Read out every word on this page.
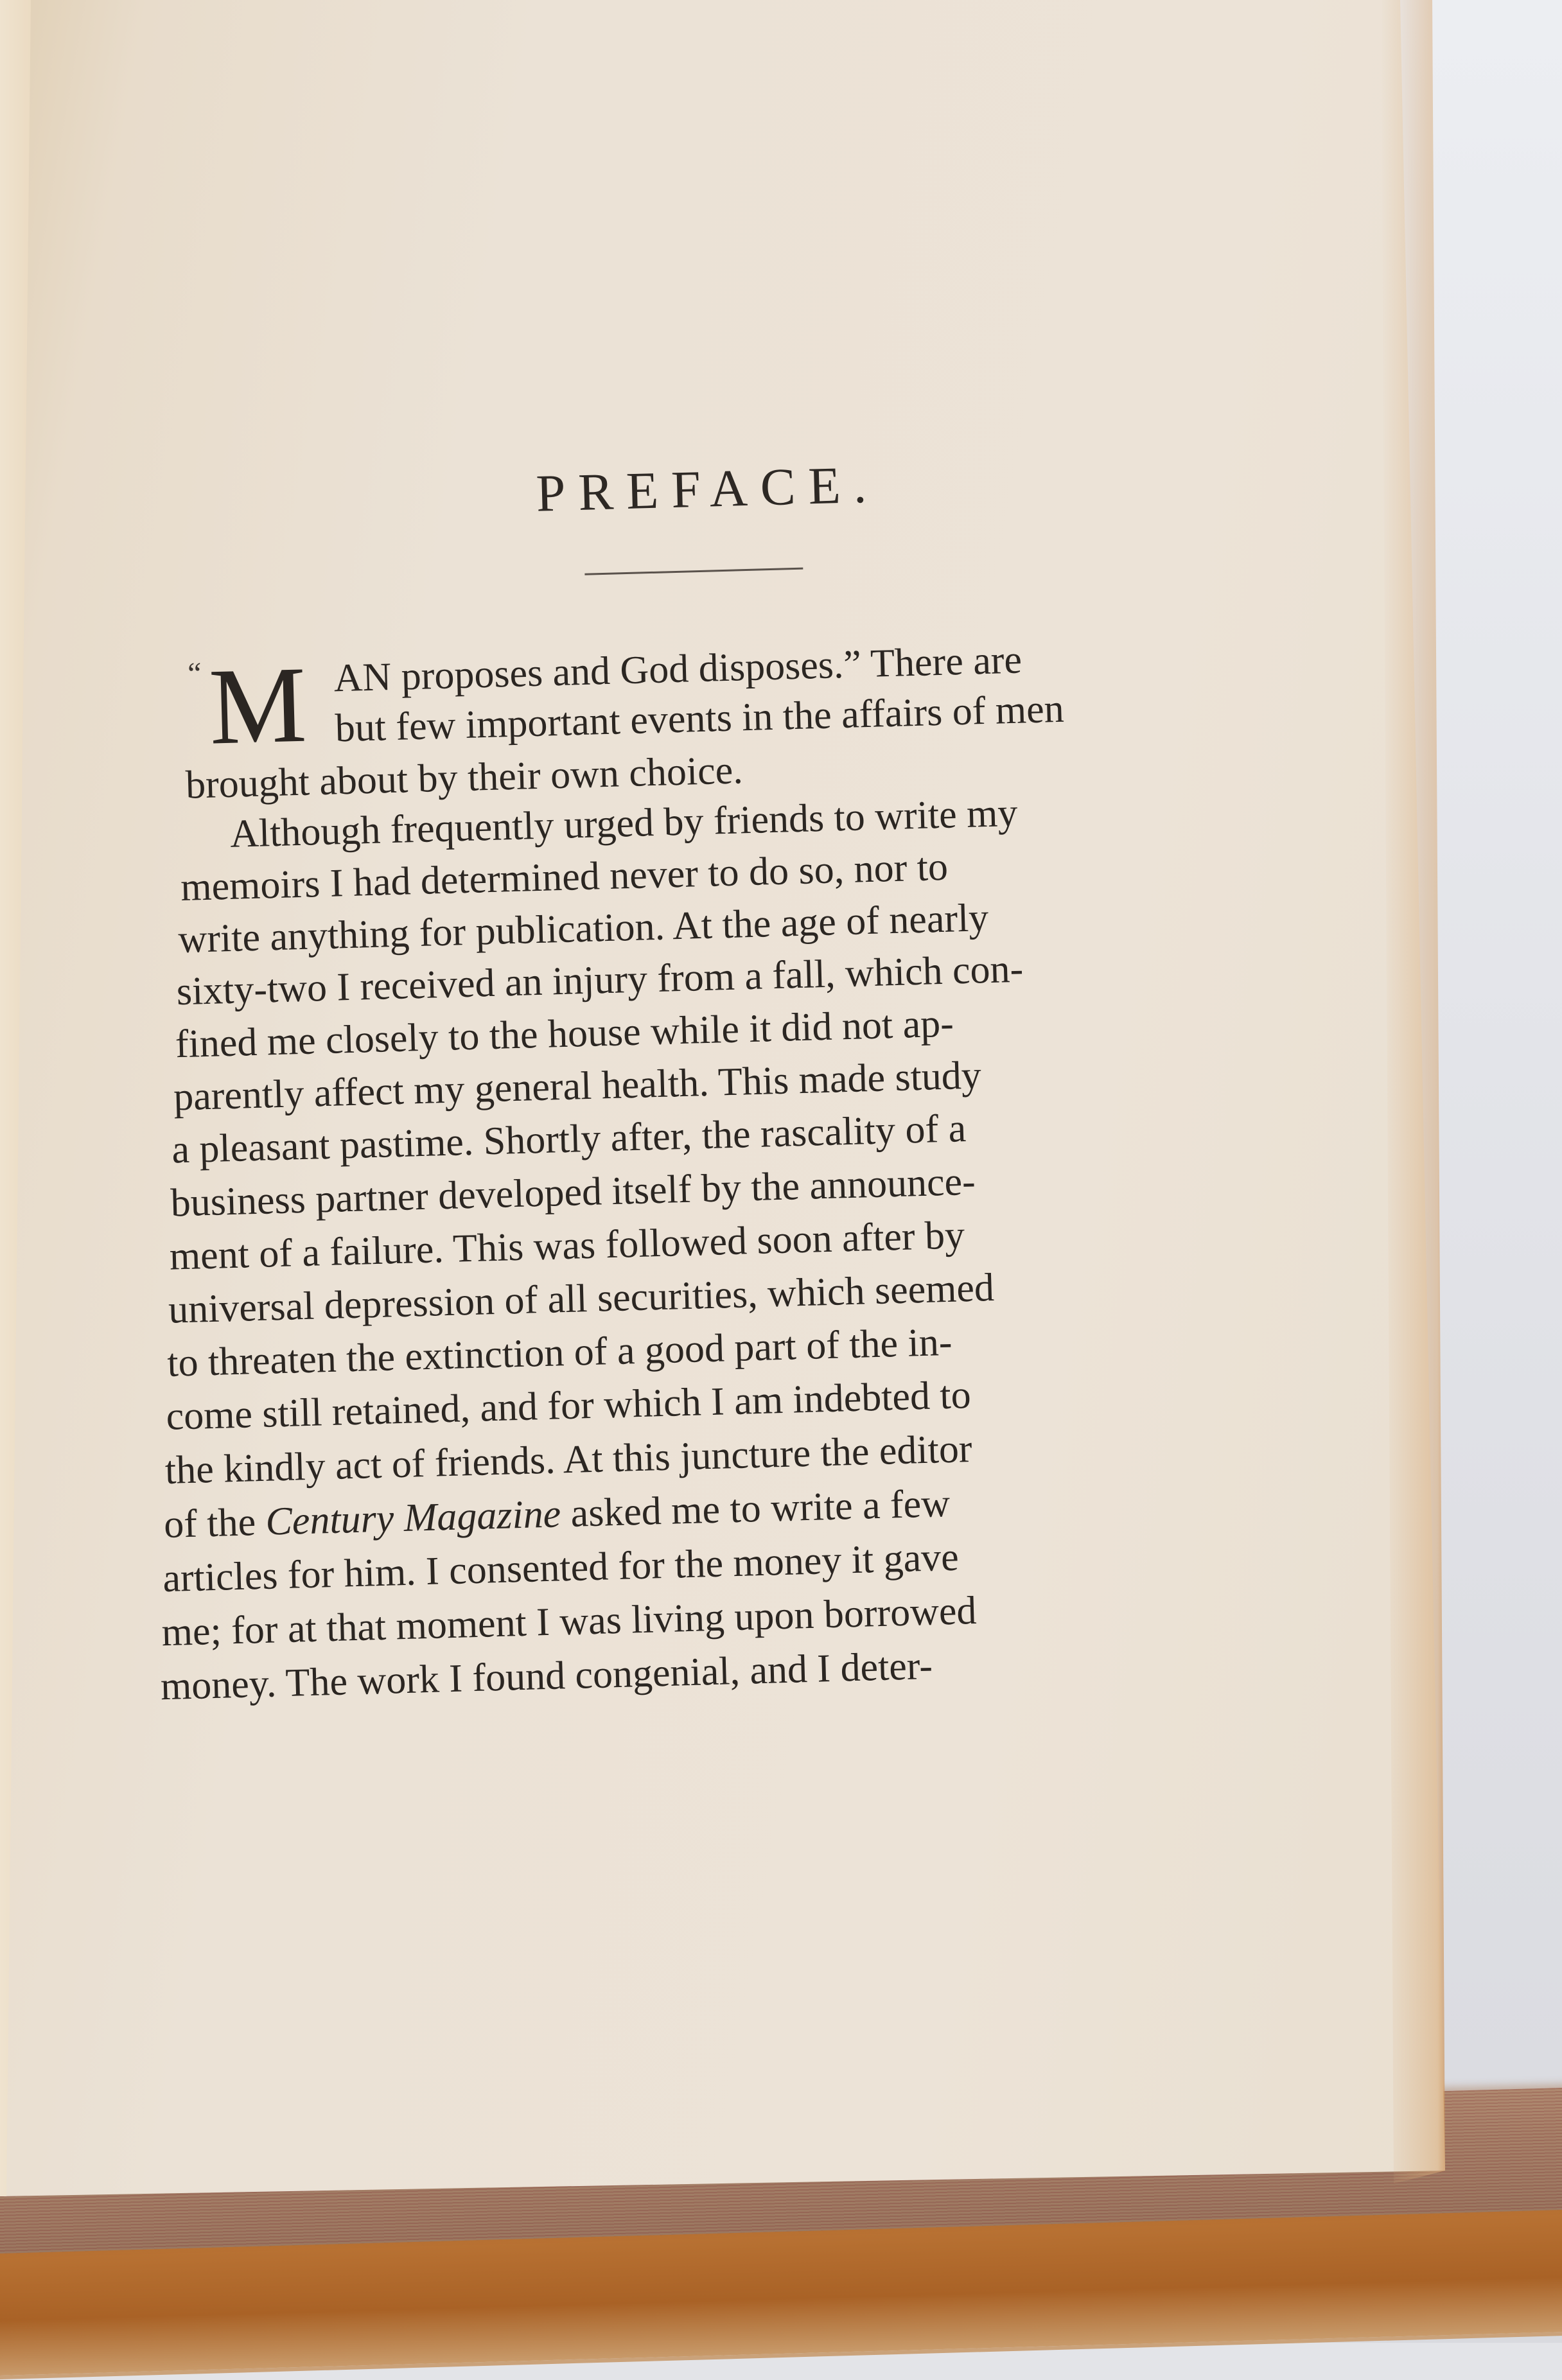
PREFACE.
“ M AN proposes and God disposes.” There are
but few important events in the affairs of men
brought about by their own choice.
Although frequently urged by friends to write my
memoirs I had determined never to do so, nor to
write anything for publication. At the age of nearly
sixty-two I received an injury from a fall, which con-
fined me closely to the house while it did not ap-
parently affect my general health. This made study
a pleasant pastime. Shortly after, the rascality of a
business partner developed itself by the announce-
ment of a failure. This was followed soon after by
universal depression of all securities, which seemed
to threaten the extinction of a good part of the in-
come still retained, and for which I am indebted to
the kindly act of friends. At this juncture the editor
of the Century Magazine asked me to write a few
articles for him. I consented for the money it gave
me; for at that moment I was living upon borrowed
money. The work I found congenial, and I deter-
